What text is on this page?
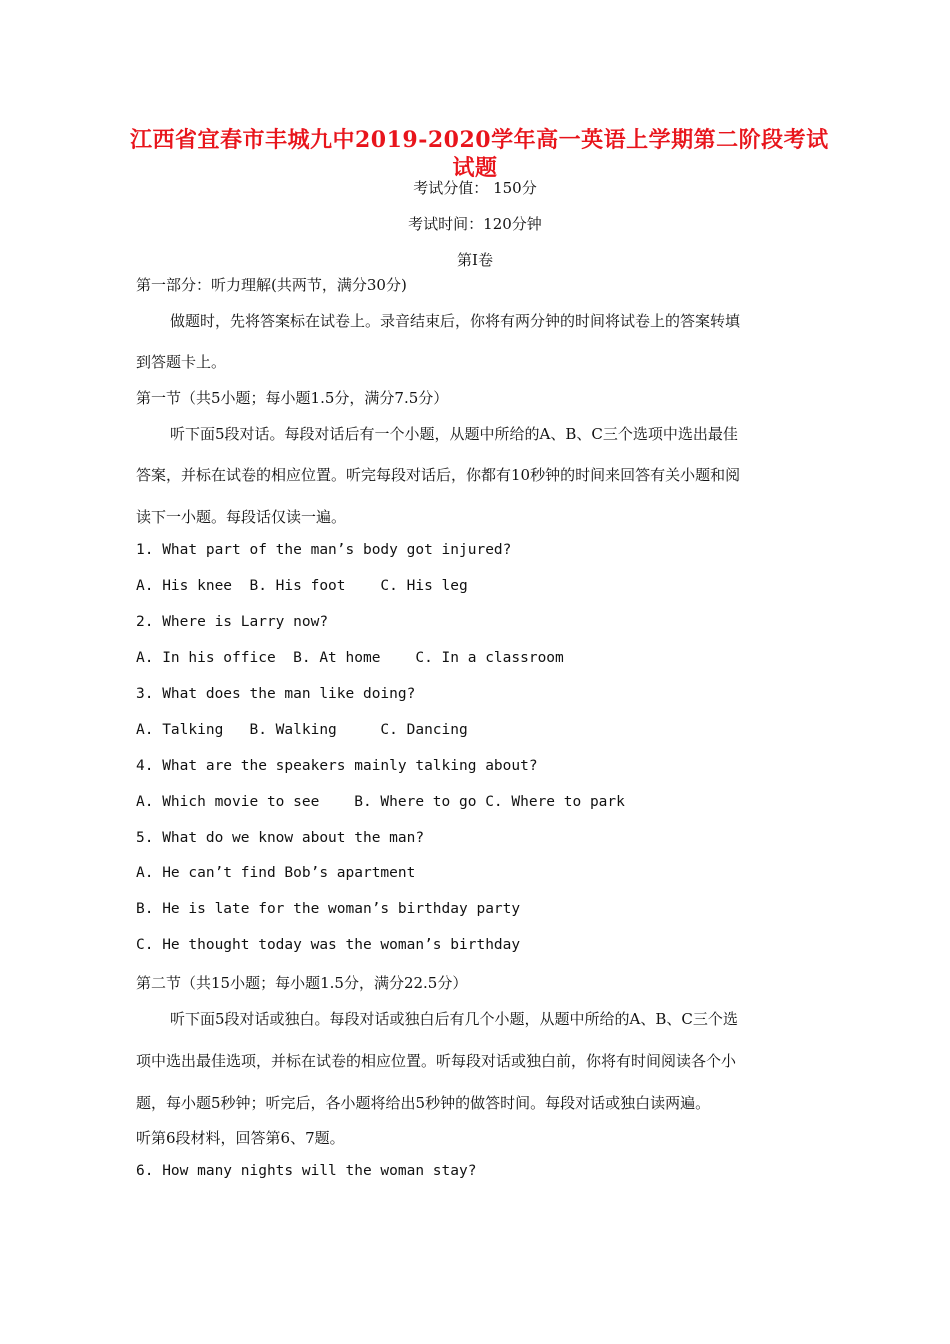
江西省宜春市丰城九中2019-2020学年高一英语上学期第二阶段考试
试题
考试分值： 150分
考试时间：120分钟
第Ⅰ卷
第一部分：听力理解(共两节，满分30分)
做题时，先将答案标在试卷上。录音结束后，你将有两分钟的时间将试卷上的答案转填
到答题卡上。
第一节（共5小题；每小题1.5分，满分7.5分）
听下面5段对话。每段对话后有一个小题，从题中所给的A、B、C三个选项中选出最佳
答案，并标在试卷的相应位置。听完每段对话后，你都有10秒钟的时间来回答有关小题和阅
读下一小题。每段话仅读一遍。
1. What part of the man’s body got injured?
A. His knee  B. His foot    C. His leg
2. Where is Larry now?
A. In his office  B. At home    C. In a classroom
3. What does the man like doing?
A. Talking   B. Walking     C. Dancing
4. What are the speakers mainly talking about?
A. Which movie to see    B. Where to go C. Where to park
5. What do we know about the man?
A. He can’t find Bob’s apartment
B. He is late for the woman’s birthday party
C. He thought today was the woman’s birthday
第二节（共15小题；每小题1.5分，满分22.5分）
听下面5段对话或独白。每段对话或独白后有几个小题，从题中所给的A、B、C三个选
项中选出最佳选项，并标在试卷的相应位置。听每段对话或独白前，你将有时间阅读各个小
题，每小题5秒钟；听完后，各小题将给出5秒钟的做答时间。每段对话或独白读两遍。
听第6段材料，回答第6、7题。
6. How many nights will the woman stay?
